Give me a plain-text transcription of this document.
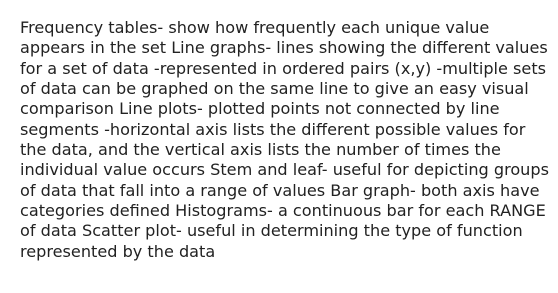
Frequency tables- show how frequently each unique value
appears in the set Line graphs- lines showing the different values
for a set of data -represented in ordered pairs (x,y) -multiple sets
of data can be graphed on the same line to give an easy visual
comparison Line plots- plotted points not connected by line
segments -horizontal axis lists the different possible values for
the data, and the vertical axis lists the number of times the
individual value occurs Stem and leaf- useful for depicting groups
of data that fall into a range of values Bar graph- both axis have
categories defined Histograms- a continuous bar for each RANGE
of data Scatter plot- useful in determining the type of function
represented by the data
